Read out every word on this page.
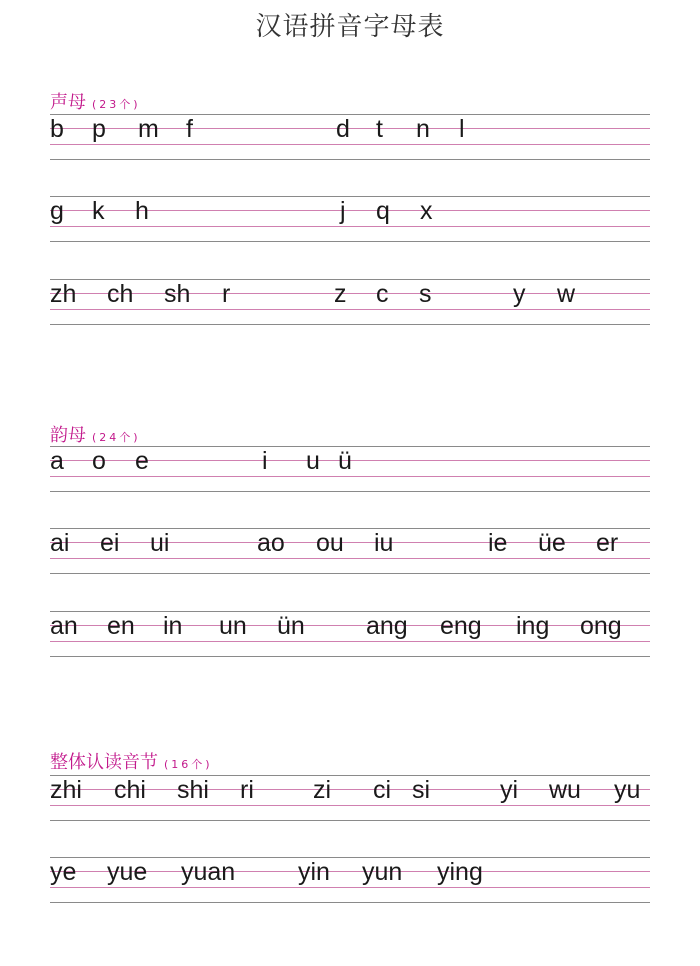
汉语拼音字母表
声母 (23个)
b p m f	d t n l
g k h	j q x
zh ch sh r	z c s	y w
韵母 (24个)
a o e	i u ü
ai ei ui	ao ou iu	ie üe er
an en in un ün ang eng ing ong
整体认读音节 (16个)
zhi chi shi ri zi ci si	yi wu yu
ye yue yuan	yin yun ying
